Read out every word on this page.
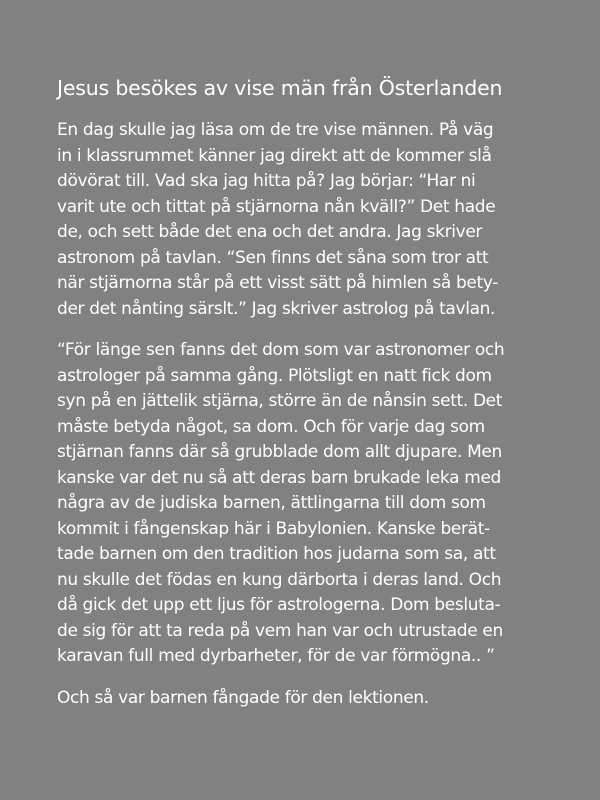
Jesus besökes av vise män från Österlanden
En dag skulle jag läsa om de tre vise männen. På väg
in i klassrummet känner jag direkt att de kommer slå
dövörat till. Vad ska jag hitta på? Jag börjar: “Har ni
varit ute och tittat på stjärnorna nån kväll?” Det hade
de, och sett både det ena och det andra. Jag skriver
astronom på tavlan. “Sen finns det såna som tror att
när stjärnorna står på ett visst sätt på himlen så bety-
der det nånting särslt.” Jag skriver astrolog på tavlan.
“För länge sen fanns det dom som var astronomer och
astrologer på samma gång. Plötsligt en natt fick dom
syn på en jättelik stjärna, större än de nånsin sett. Det
måste betyda något, sa dom. Och för varje dag som
stjärnan fanns där så grubblade dom allt djupare. Men
kanske var det nu så att deras barn brukade leka med
några av de judiska barnen, ättlingarna till dom som
kommit i fångenskap här i Babylonien. Kanske berät-
tade barnen om den tradition hos judarna som sa, att
nu skulle det födas en kung därborta i deras land. Och
då gick det upp ett ljus för astrologerna. Dom besluta-
de sig för att ta reda på vem han var och utrustade en
karavan full med dyrbarheter, för de var förmögna.. ”
Och så var barnen fångade för den lektionen.
